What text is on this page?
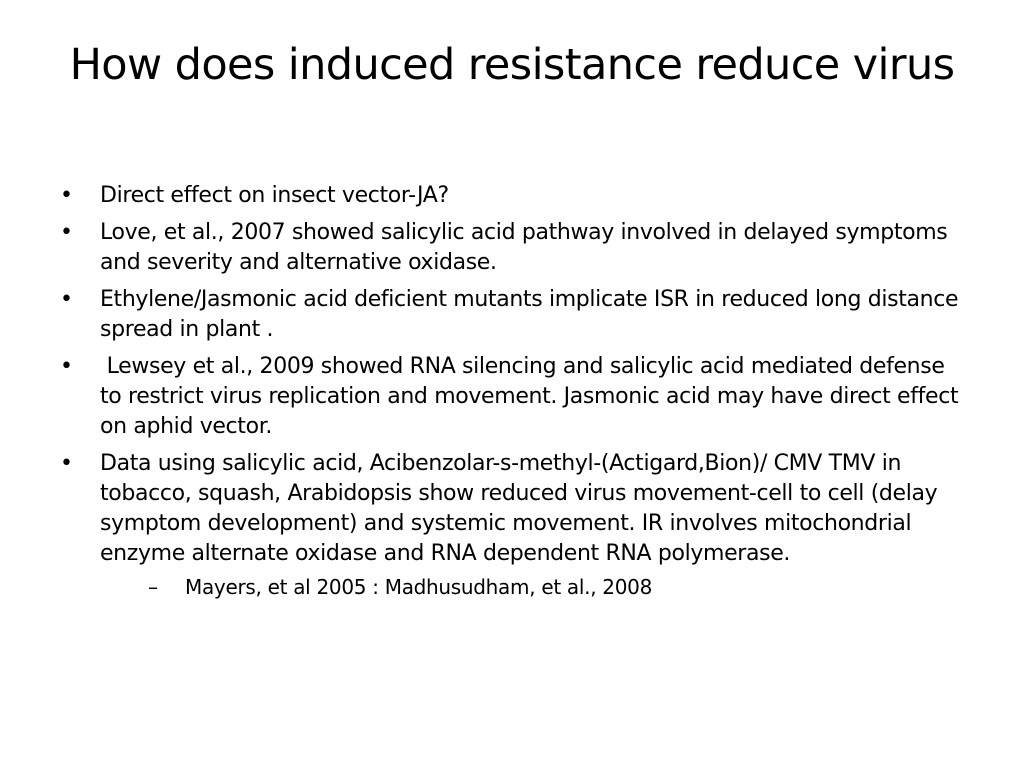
How does induced resistance reduce virus
•	Direct effect on insect vector-JA?
•	Love, et al., 2007 showed salicylic acid pathway involved in delayed symptoms and severity and alternative oxidase.
•	Ethylene/Jasmonic acid deficient mutants implicate ISR in reduced long distance spread in plant .
•	Lewsey et al., 2009 showed RNA silencing and salicylic acid mediated defense to restrict virus replication and movement. Jasmonic acid may have direct effect on aphid vector.
•	Data using salicylic acid, Acibenzolar-s-methyl-(Actigard,Bion)/ CMV TMV in tobacco, squash, Arabidopsis show reduced virus movement-cell to cell (delay symptom development) and systemic movement. IR involves mitochondrial enzyme alternate oxidase and RNA dependent RNA polymerase.
– Mayers, et al 2005 : Madhusudham, et al., 2008
